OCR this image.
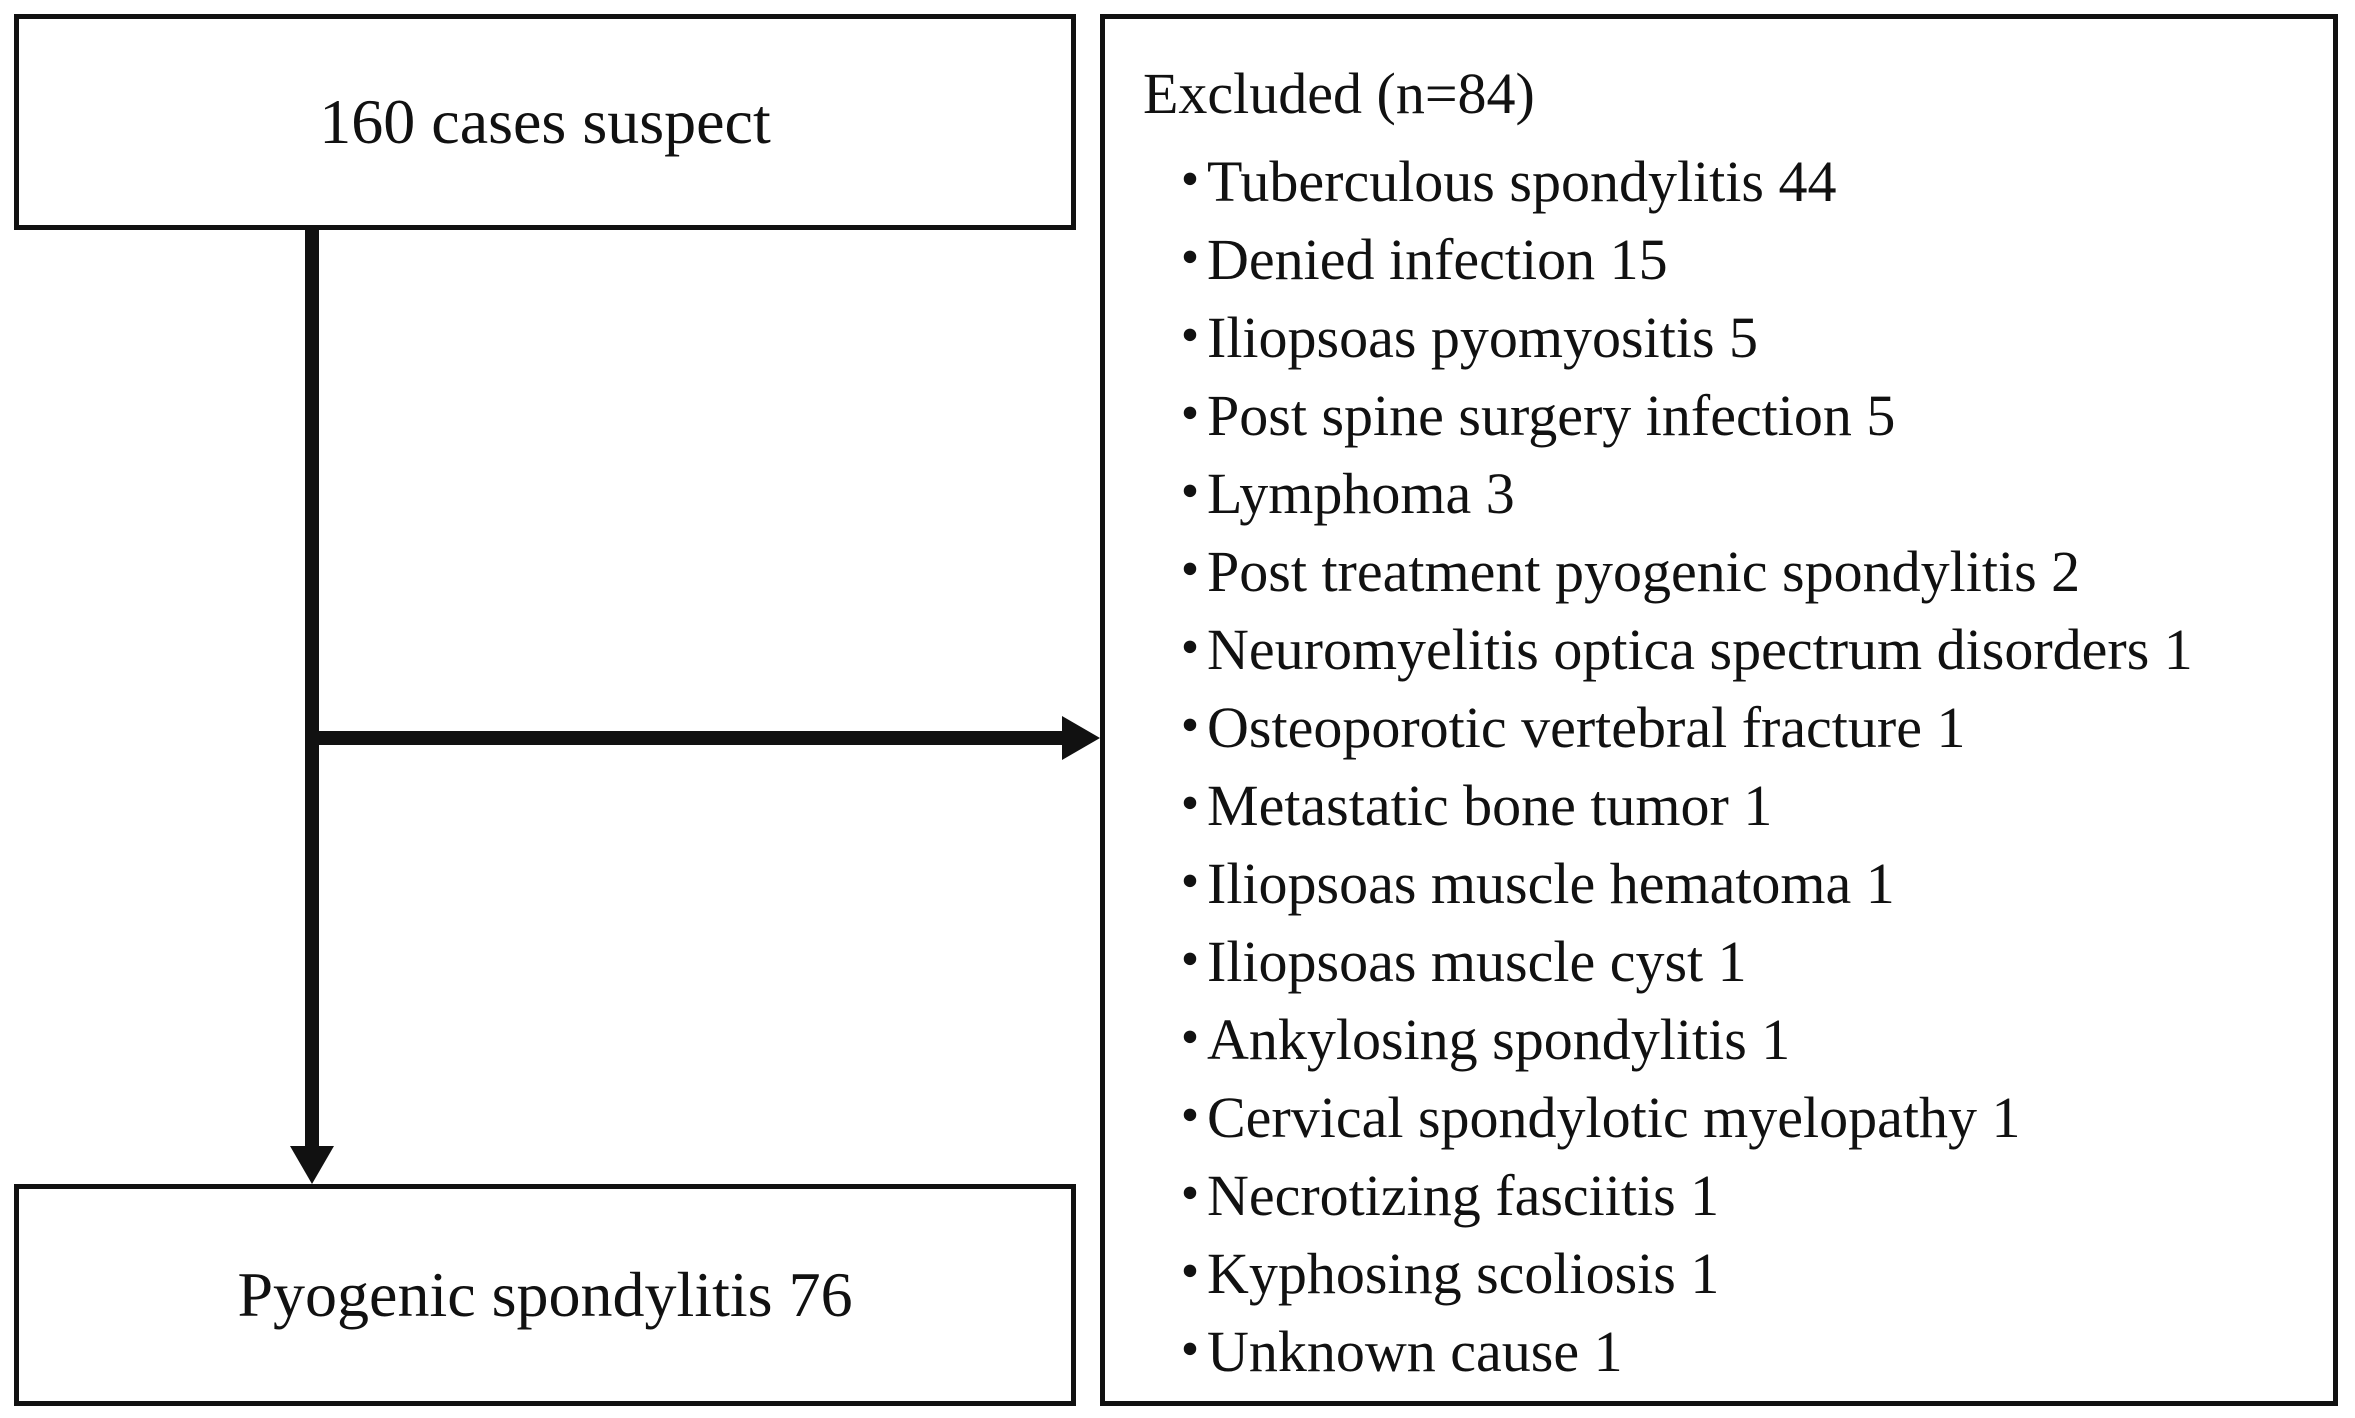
160 cases suspect
Pyogenic spondylitis 76
Excluded (n=84)
・Tuberculous spondylitis 44
・Denied infection 15
・Iliopsoas pyomyositis 5
・Post spine surgery infection 5
・Lymphoma 3
・Post treatment pyogenic spondylitis 2
・Neuromyelitis optica spectrum disorders 1
・Osteoporotic vertebral fracture 1
・Metastatic bone tumor 1
・Iliopsoas muscle hematoma 1
・Iliopsoas muscle cyst 1
・Ankylosing spondylitis 1
・Cervical spondylotic myelopathy 1
・Necrotizing fasciitis 1
・Kyphosing scoliosis 1
・Unknown cause 1
